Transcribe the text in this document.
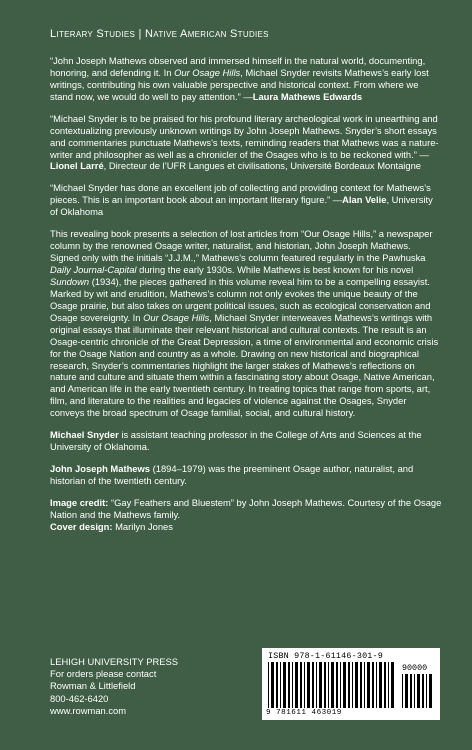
Literary Studies | Native American Studies

“John Joseph Mathews observed and immersed himself in the natural world, documenting, honoring, and defending it. In Our Osage Hills, Michael Snyder revisits Mathews’s early lost writings, contributing his own valuable perspective and historical context. From where we stand now, we would do well to pay attention.” —Laura Mathews Edwards

“Michael Snyder is to be praised for his profound literary archeological work in unearthing and contextualizing previously unknown writings by John Joseph Mathews. Snyder’s short essays and commentaries punctuate Mathews’s texts, reminding readers that Mathews was a nature-writer and philosopher as well as a chronicler of the Osages who is to be reckoned with.” —Lionel Larré, Directeur de l’UFR Langues et civilisations, Université Bordeaux Montaigne

“Michael Snyder has done an excellent job of collecting and providing context for Mathews’s pieces. This is an important book about an important literary figure.” —Alan Velie, University of Oklahoma

This revealing book presents a selection of lost articles from “Our Osage Hills,” a newspaper column by the renowned Osage writer, naturalist, and historian, John Joseph Mathews. Signed only with the initials “J.J.M.,” Mathews’s column featured regularly in the Pawhuska Daily Journal-Capital during the early 1930s. While Mathews is best known for his novel Sundown (1934), the pieces gathered in this volume reveal him to be a compelling essayist. Marked by wit and erudition, Mathews’s column not only evokes the unique beauty of the Osage prairie, but also takes on urgent political issues, such as ecological conservation and Osage sovereignty. In Our Osage Hills, Michael Snyder interweaves Mathews’s writings with original essays that illuminate their relevant historical and cultural contexts. The result is an Osage-centric chronicle of the Great Depression, a time of environmental and economic crisis for the Osage Nation and country as a whole. Drawing on new historical and biographical research, Snyder’s commentaries highlight the larger stakes of Mathews’s reflections on nature and culture and situate them within a fascinating story about Osage, Native American, and American life in the early twentieth century. In treating topics that range from sports, art, film, and literature to the realities and legacies of violence against the Osages, Snyder conveys the broad spectrum of Osage familial, social, and cultural history.

Michael Snyder is assistant teaching professor in the College of Arts and Sciences at the University of Oklahoma.

John Joseph Mathews (1894–1979) was the preeminent Osage author, naturalist, and historian of the twentieth century.

Image credit: “Gay Feathers and Bluestem” by John Joseph Mathews. Courtesy of the Osage Nation and the Mathews family.

Cover design: Marilyn Jones

LEHIGH UNIVERSITY PRESS
For orders please contact
Rowman & Littlefield
800-462-6420
www.rowman.com
ISBN 978-1-61146-301-9
90000
9 781611 463019
